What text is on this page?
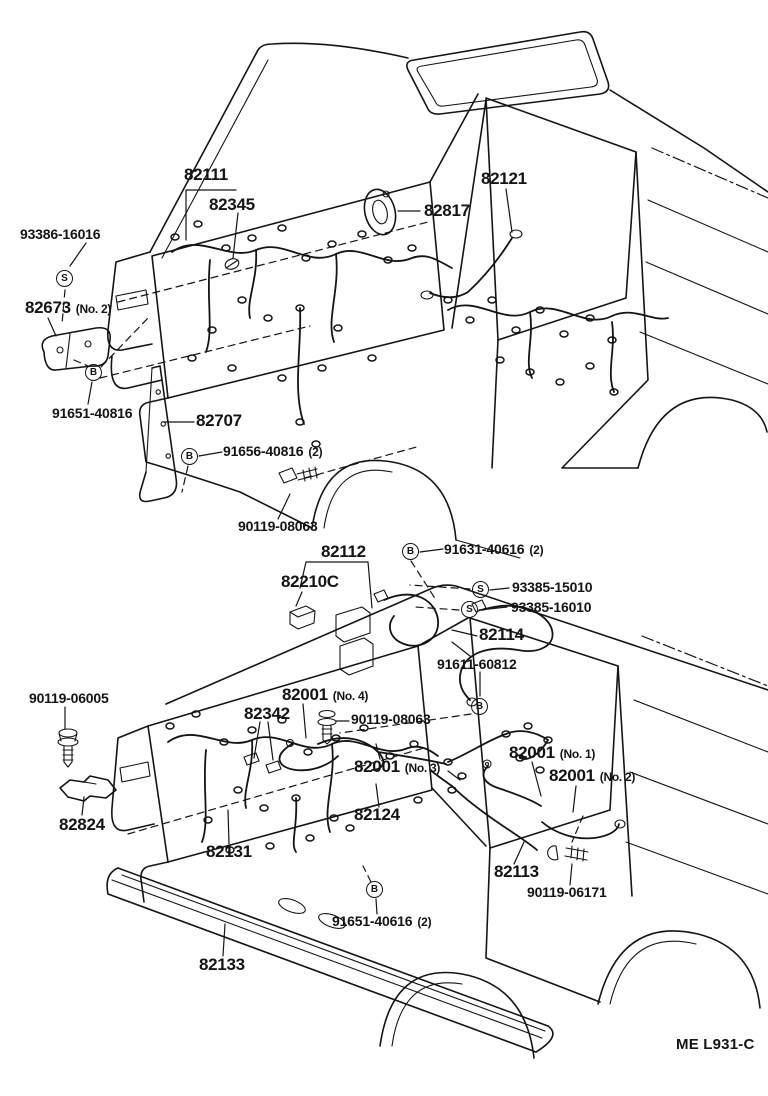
82111
82345
82121
82817
93386-16016
82673 (No. 2)
91651-40816	82707
91656-40816 (2)
90119-08063
82112	91631-40616 (2)
82210C	93385-15010
93385-16010
82114
91611-60812
90119-06005
82342
82001 (No. 4)
90119-08063
82001 (No. 3)
82001 (No. 1)
82001 (No. 2)
82824
82124
82131
82113
90119-06171
91651-40616 (2)
82133
ME L931-C
S
B
B
B
S
S
B
B
